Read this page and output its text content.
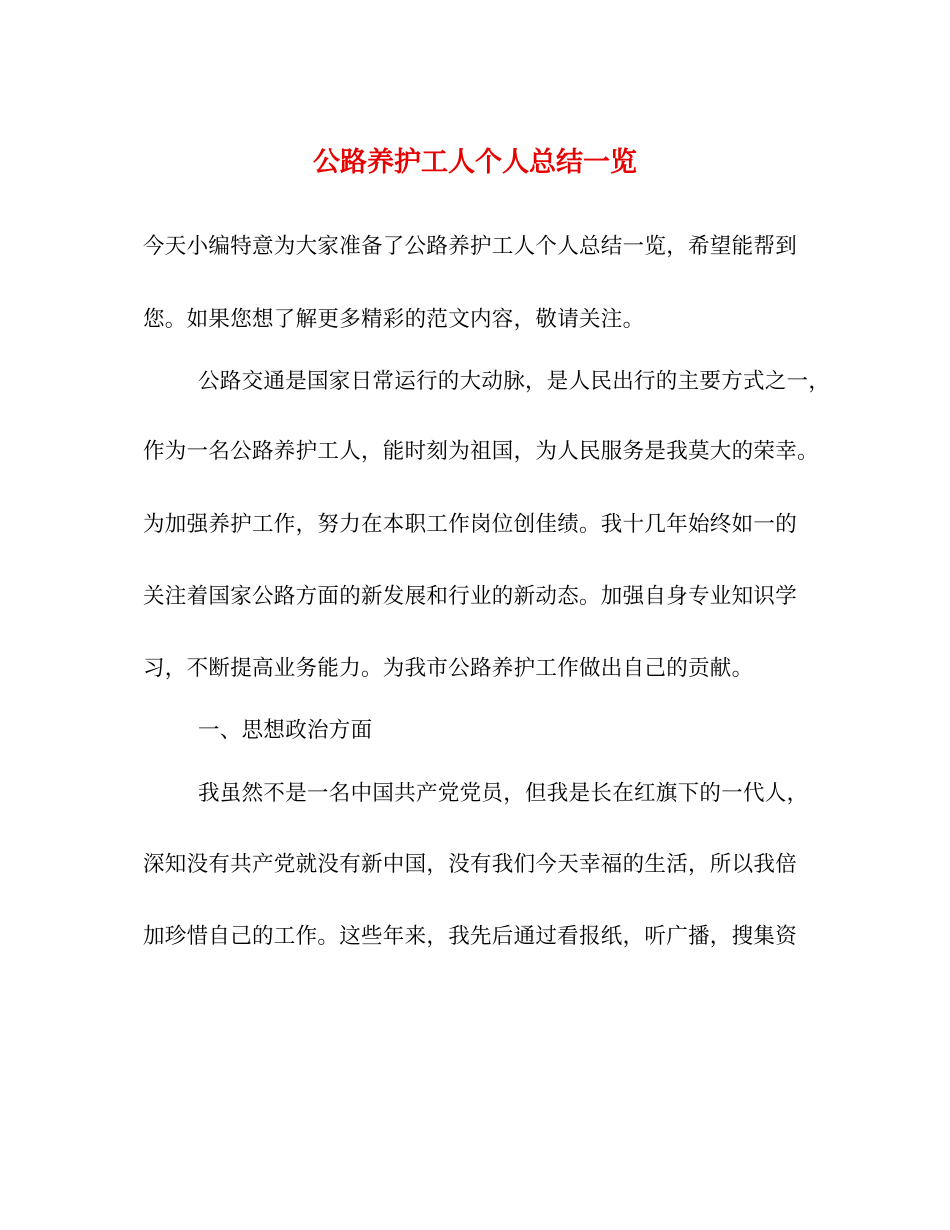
公路养护工人个人总结一览
今天小编特意为大家准备了公路养护工人个人总结一览，希望能帮到
您。如果您想了解更多精彩的范文内容，敬请关注。
公路交通是国家日常运行的大动脉，是人民出行的主要方式之一，
作为一名公路养护工人，能时刻为祖国，为人民服务是我莫大的荣幸。
为加强养护工作，努力在本职工作岗位创佳绩。我十几年始终如一的
关注着国家公路方面的新发展和行业的新动态。加强自身专业知识学
习，不断提高业务能力。为我市公路养护工作做出自己的贡献。
一、思想政治方面
我虽然不是一名中国共产党党员，但我是长在红旗下的一代人，
深知没有共产党就没有新中国，没有我们今天幸福的生活，所以我倍
加珍惜自己的工作。这些年来，我先后通过看报纸，听广播，搜集资
